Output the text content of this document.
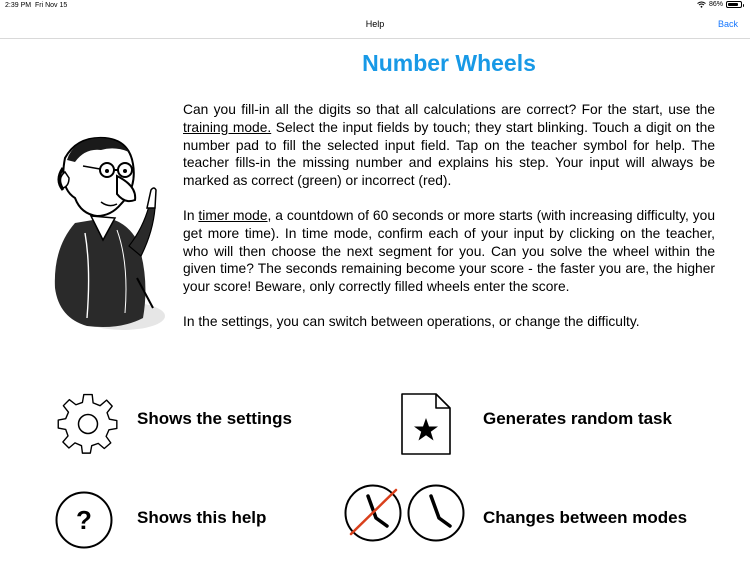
2:39 PM Fri Nov 15	86%
Help	Back
Number Wheels

Can you fill-in all the digits so that all calculations are correct? For the start, use the training mode. Select the input fields by touch; they start blinking. Touch a digit on the number pad to fill the selected input field. Tap on the teacher symbol for help. The teacher fills-in the missing number and explains his step. Your input will always be marked as correct (green) or incorrect (red).

In timer mode, a countdown of 60 seconds or more starts (with increasing difficulty, you get more time). In time mode, confirm each of your input by clicking on the teacher, who will then choose the next segment for you. Can you solve the wheel within the given time? The seconds remaining become your score - the faster you are, the higher your score! Beware, only correctly filled wheels enter the score.

In the settings, you can switch between operations, or change the difficulty.

Shows the settings	Generates random task
?	Shows this help	Changes between modes
